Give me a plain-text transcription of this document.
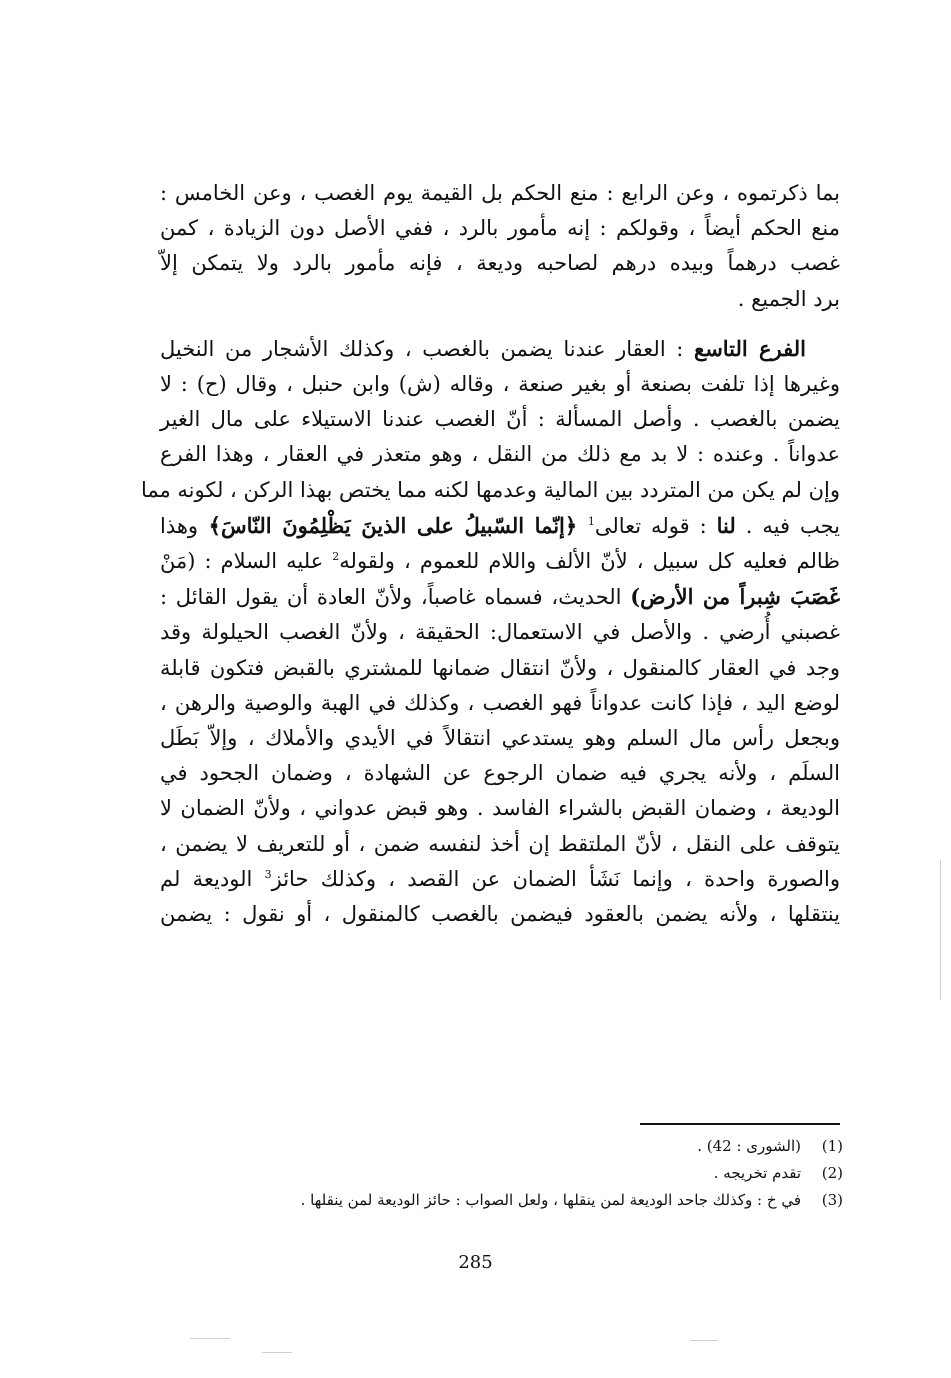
بما ذكرتموه ، وعن الرابع : منع الحكم بل القيمة يوم الغصب ، وعن الخامس :
منع الحكم أيضاً ، وقولكم : إنه مأمور بالرد ، ففي الأصل دون الزيادة ، كمن
غصب درهماً وبيده درهم لصاحبه وديعة ، فإنه مأمور بالرد ولا يتمكن إلاّ
برد الجميع .
الفرع التاسع : العقار عندنا يضمن بالغصب ، وكذلك الأشجار من النخيل
وغيرها إذا تلفت بصنعة أو بغير صنعة ، وقاله (ش) وابن حنبل ، وقال (ح) : لا
يضمن بالغصب . وأصل المسألة : أنّ الغصب عندنا الاستيلاء على مال الغير
عدواناً . وعنده : لا بد مع ذلك من النقل ، وهو متعذر في العقار ، وهذا الفرع
وإن لم يكن من المتردد بين المالية وعدمها لكنه مما يختص بهذا الركن ، لكونه مما
يجب فيه . لنا : قوله تعالى$^1$ ﴿إنّما السّبيلُ على الذينَ يَظْلِمُونَ النّاسَ﴾ وهذا
ظالم فعليه كل سبيل ، لأنّ الألف واللام للعموم ، ولقوله$^2$ عليه السلام : (مَنْ
غَصَبَ شِبراً من الأرض) الحديث، فسماه غاصباً، ولأنّ العادة أن يقول القائل :
غصبني أُرضي . والأصل في الاستعمال: الحقيقة ، ولأنّ الغصب الحيلولة وقد
وجد في العقار كالمنقول ، ولأنّ انتقال ضمانها للمشتري بالقبض فتكون قابلة
لوضع اليد ، فإذا كانت عدواناً فهو الغصب ، وكذلك في الهبة والوصية والرهن ،
وبجعل رأس مال السلم وهو يستدعي انتقالاً في الأيدي والأملاك ، وإلاّ بَطَل
السلَم ، ولأنه يجري فيه ضمان الرجوع عن الشهادة ، وضمان الجحود في
الوديعة ، وضمان القبض بالشراء الفاسد . وهو قبض عدواني ، ولأنّ الضمان لا
يتوقف على النقل ، لأنّ الملتقط إن أخذ لنفسه ضمن ، أو للتعريف لا يضمن ،
والصورة واحدة ، وإنما نَشَأ الضمان عن القصد ، وكذلك حائز$^3$ الوديعة لم
ينتقلها ، ولأنه يضمن بالعقود فيضمن بالغصب كالمنقول ، أو نقول : يضمن
(1)
(الشورى : 42) .
(2)
تقدم تخريجه .
(3)
في خ : وكذلك جاحد الوديعة لمن ينقلها ، ولعل الصواب : حائز الوديعة لمن ينقلها .
285
